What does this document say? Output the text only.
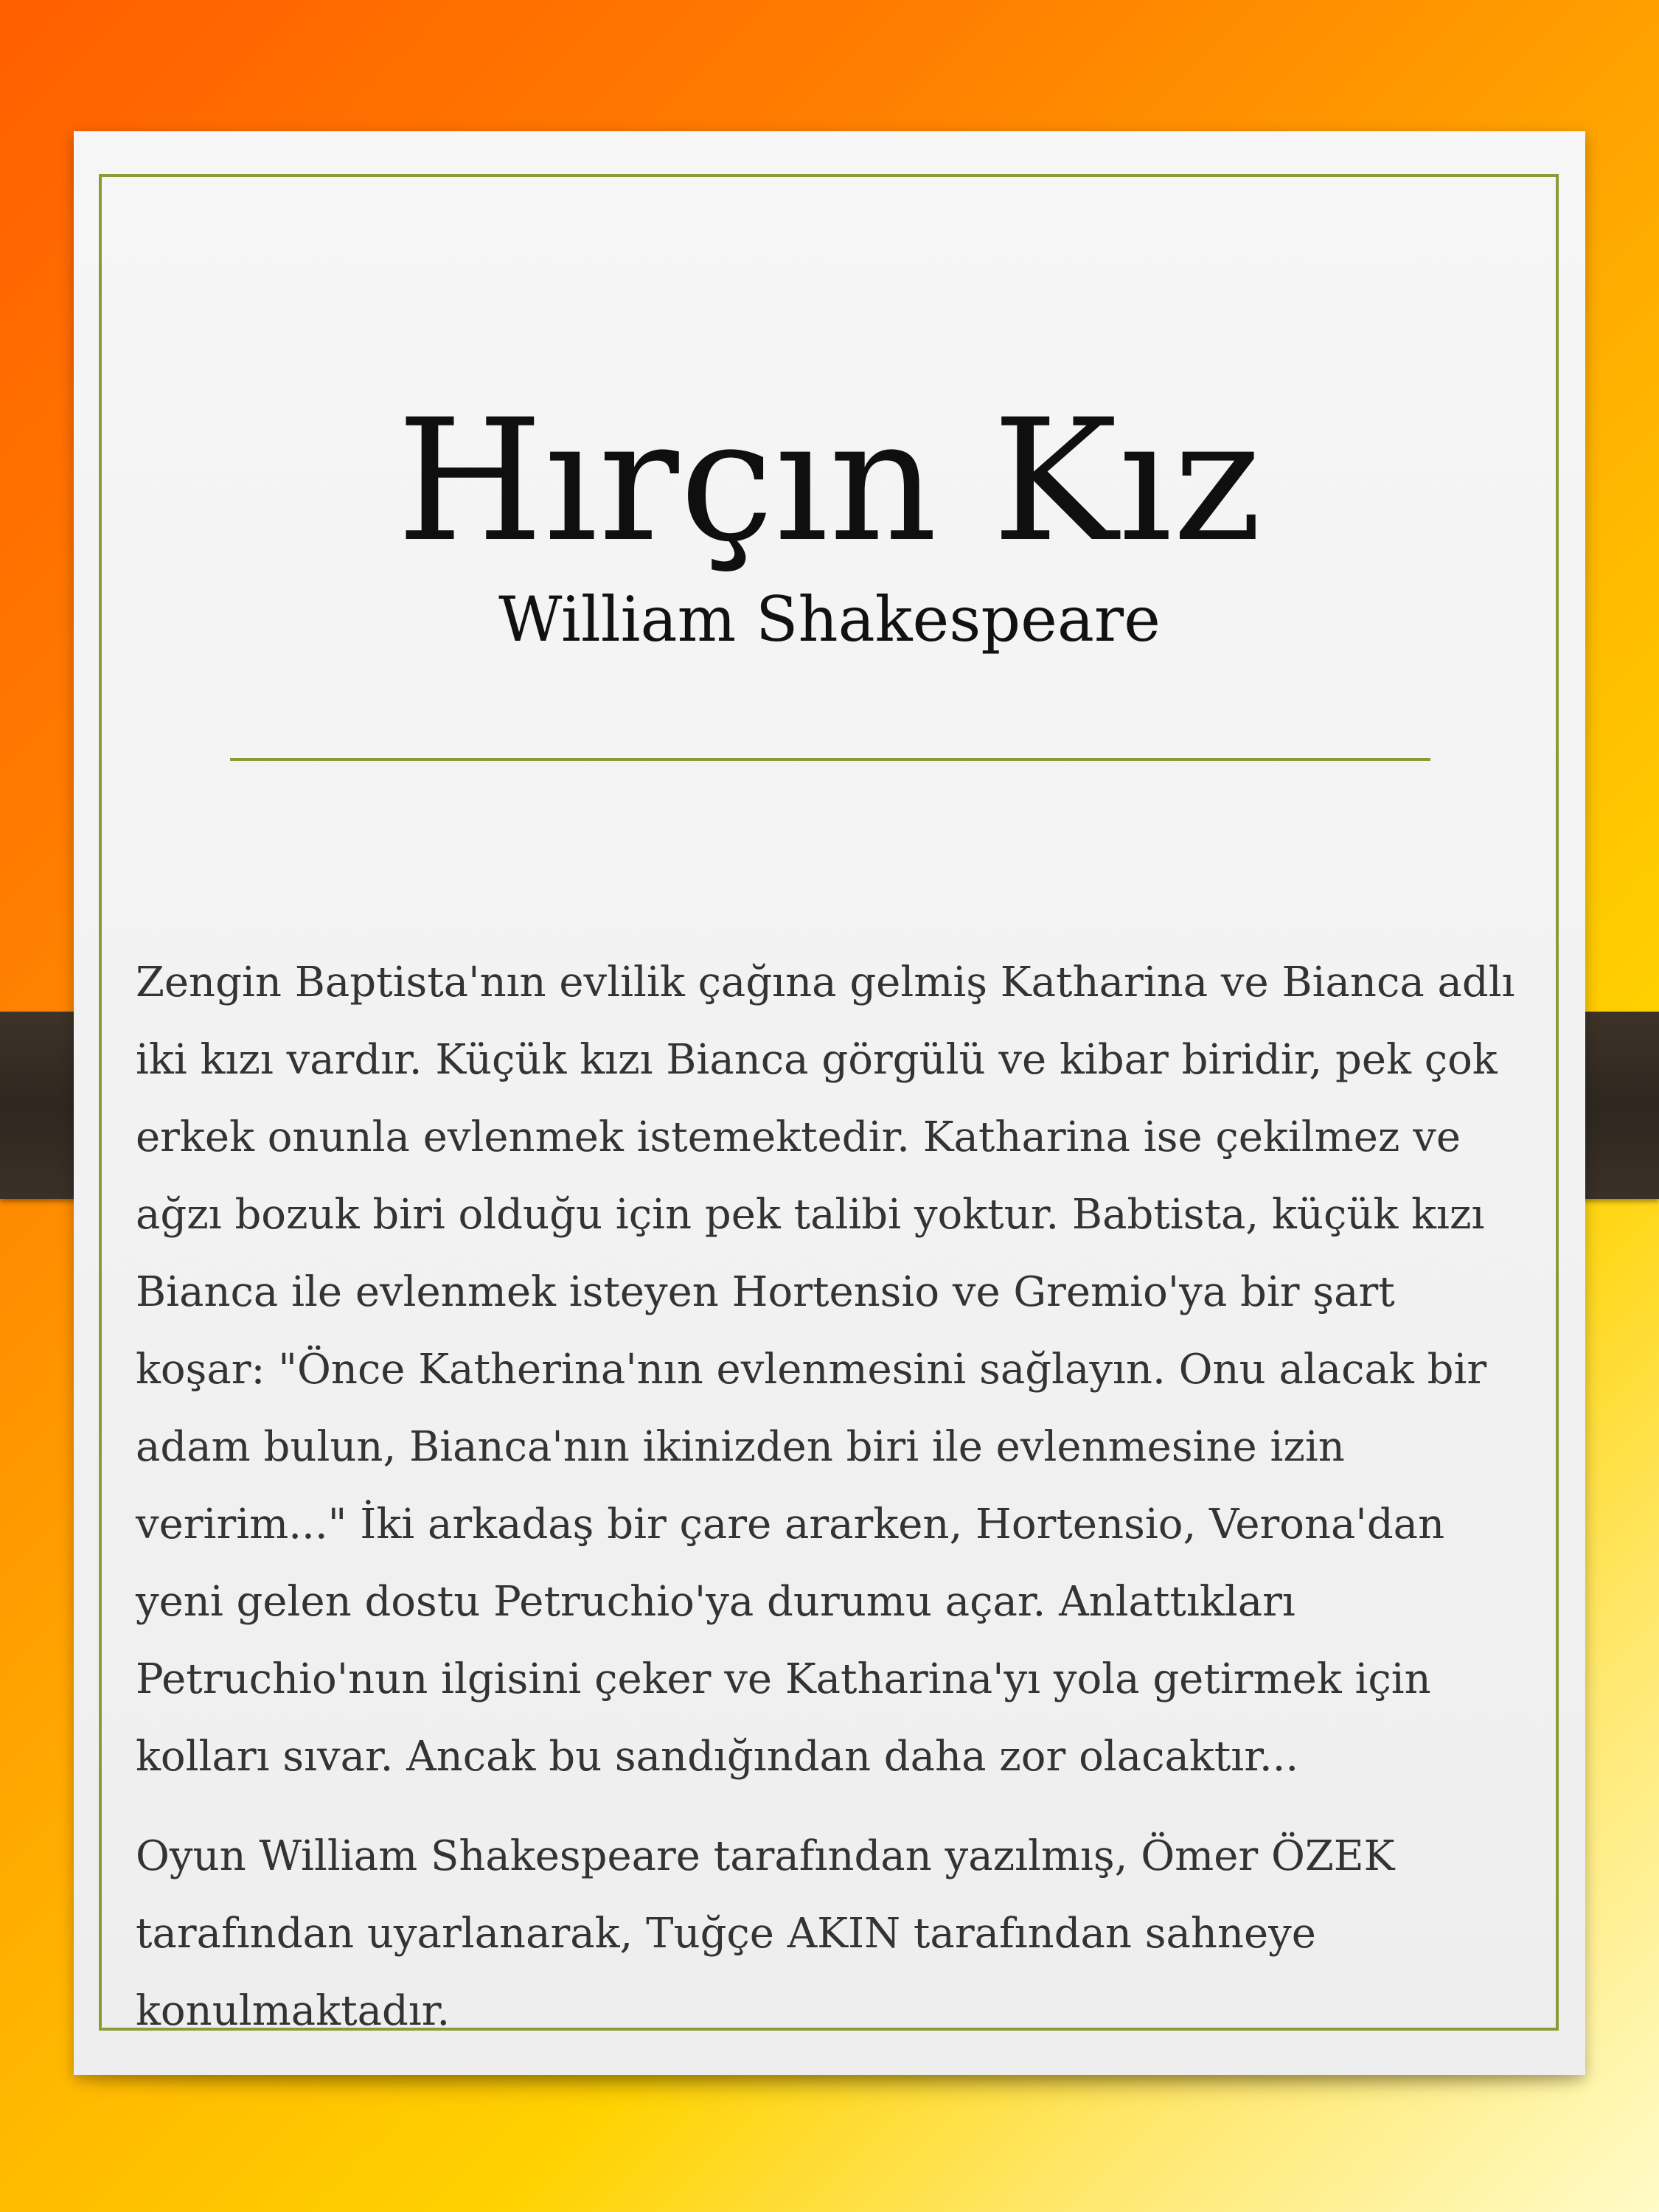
Hırçın Kız
William Shakespeare

Zengin Baptista'nın evlilik çağına gelmiş Katharina ve Bianca adlı iki kızı vardır. Küçük kızı Bianca görgülü ve kibar biridir, pek çok erkek onunla evlenmek istemektedir. Katharina ise çekilmez ve ağzı bozuk biri olduğu için pek talibi yoktur. Babtista, küçük kızı Bianca ile evlenmek isteyen Hortensio ve Gremio'ya bir şart koşar: "Önce Katherina'nın evlenmesini sağlayın. Onu alacak bir adam bulun, Bianca'nın ikinizden biri ile evlenmesine izin veririm..." İki arkadaş bir çare ararken, Hortensio, Verona'dan yeni gelen dostu Petruchio'ya durumu açar. Anlattıkları Petruchio'nun ilgisini çeker ve Katharina'yı yola getirmek için kolları sıvar. Ancak bu sandığından daha zor olacaktır...

Oyun William Shakespeare tarafından yazılmış, Ömer ÖZEK tarafından uyarlanarak, Tuğçe AKIN tarafından sahneye konulmaktadır.
